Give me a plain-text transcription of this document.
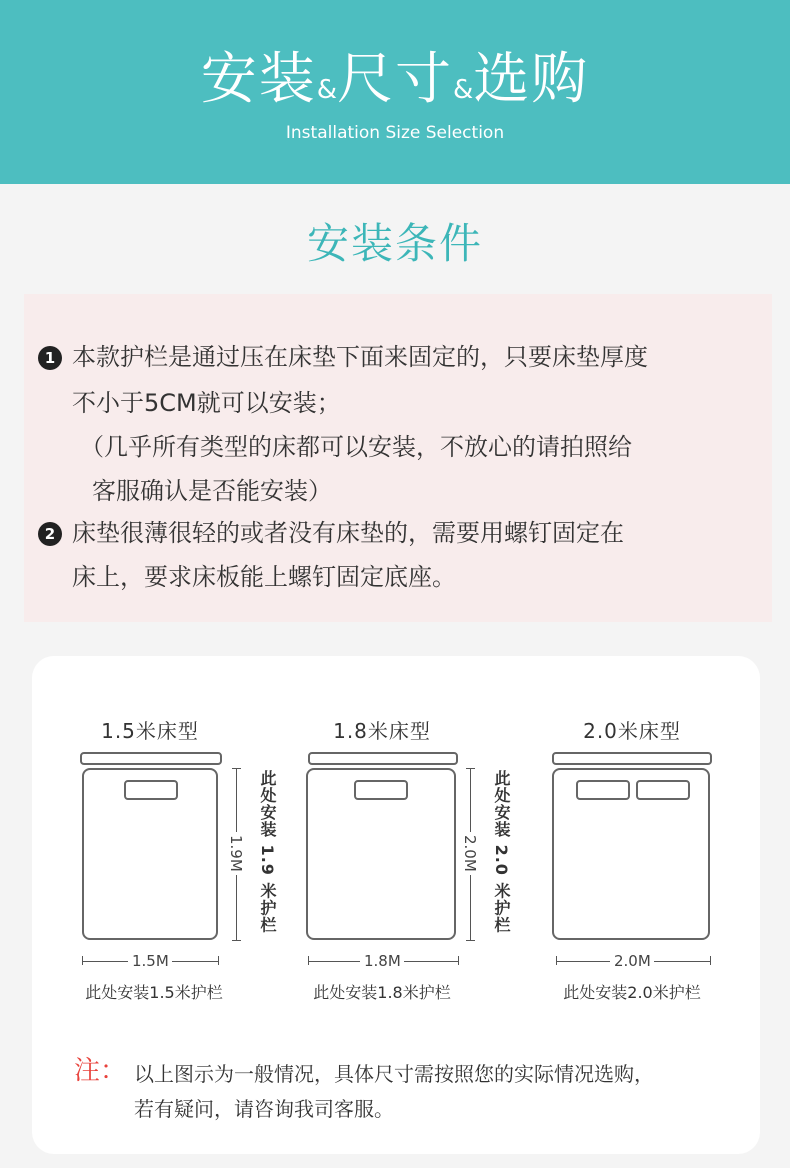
安装&尺寸&选购
Installation Size Selection
安装条件
1 本款护栏是通过压在床垫下面来固定的，只要床垫厚度
不小于5CM就可以安装；
（几乎所有类型的床都可以安装，不放心的请拍照给
客服确认是否能安装）
2 床垫很薄很轻的或者没有床垫的，需要用螺钉固定在
床上，要求床板能上螺钉固定底座。
1.5米床型
1.9M 此处安装 1.9 米护栏
1.5M
此处安装1.5米护栏
1.8米床型
2.0M 此处安装 2.0 米护栏
1.8M
此处安装1.8米护栏
2.0米床型
2.0M
此处安装2.0米护栏
注： 以上图示为一般情况，具体尺寸需按照您的实际情况选购，
若有疑问，请咨询我司客服。
